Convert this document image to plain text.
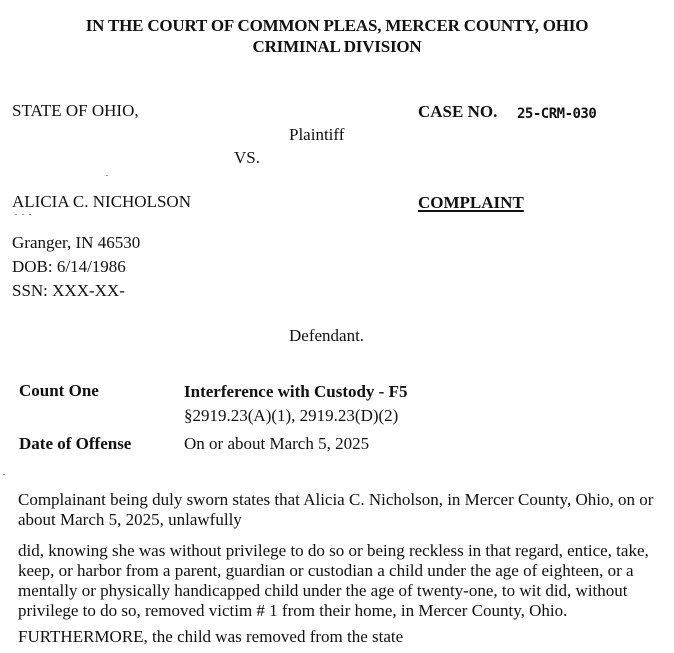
IN THE COURT OF COMMON PLEAS, MERCER COUNTY, OHIO
CRIMINAL DIVISION
STATE OF OHIO,	CASE NO. 25-CRM-030
Plaintiff
VS.
ALICIA C. NICHOLSON	COMPLAINT
Granger, IN 46530
DOB: 6/14/1986
SSN: XXX-XX-
Defendant.
Count One	Interference with Custody - F5
§2919.23(A)(1), 2919.23(D)(2)
Date of Offense	On or about March 5, 2025
Complainant being duly sworn states that Alicia C. Nicholson, in Mercer County, Ohio, on or about March 5, 2025, unlawfully
did, knowing she was without privilege to do so or being reckless in that regard, entice, take, keep, or harbor from a parent, guardian or custodian a child under the age of eighteen, or a mentally or physically handicapped child under the age of twenty-one, to wit did, without privilege to do so, removed victim # 1 from their home, in Mercer County, Ohio.
FURTHERMORE, the child was removed from the state
